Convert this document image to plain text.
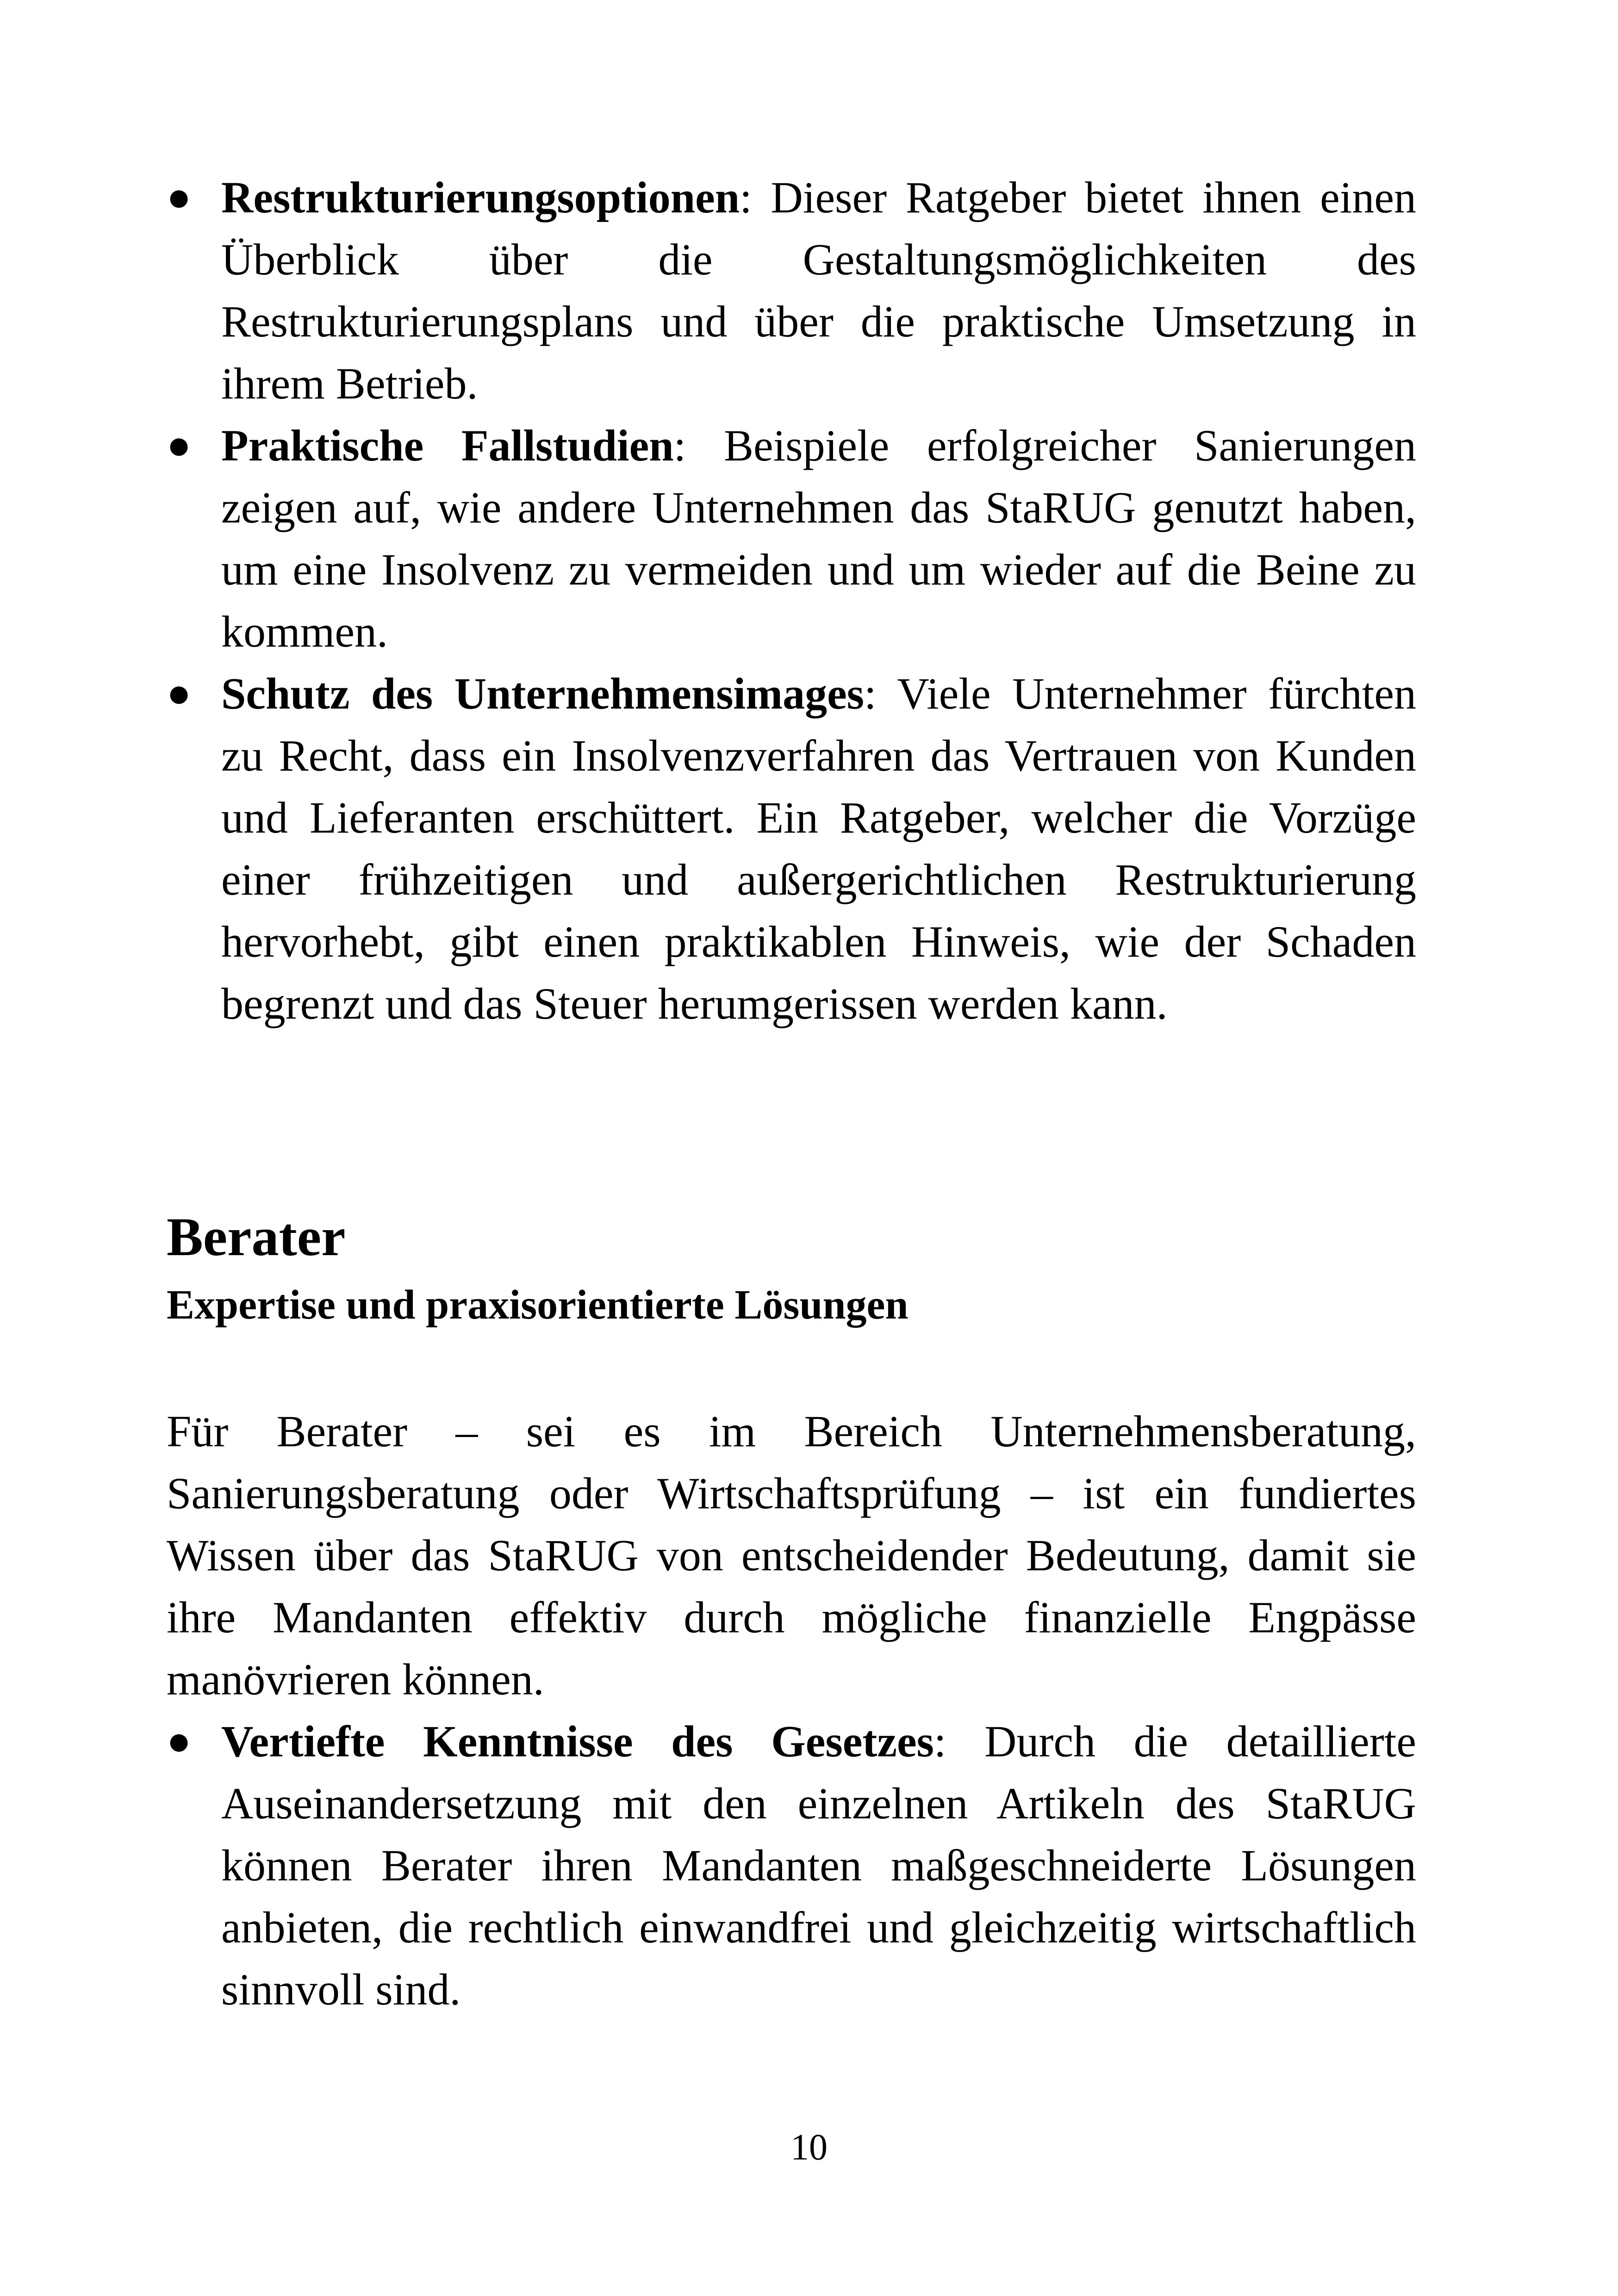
● Restrukturierungsoptionen: Dieser Ratgeber bietet ihnen einen Überblick über die Gestaltungsmöglichkeiten des Restrukturierungsplans und über die praktische Umsetzung in ihrem Betrieb.
● Praktische Fallstudien: Beispiele erfolgreicher Sanierungen zeigen auf, wie andere Unternehmen das StaRUG genutzt haben, um eine Insolvenz zu vermeiden und um wieder auf die Beine zu kommen.
● Schutz des Unternehmensimages: Viele Unternehmer fürchten zu Recht, dass ein Insolvenzverfahren das Vertrauen von Kunden und Lieferanten erschüttert. Ein Ratgeber, welcher die Vorzüge einer frühzeitigen und außergerichtlichen Restrukturierung hervorhebt, gibt einen praktikablen Hinweis, wie der Schaden begrenzt und das Steuer herumgerissen werden kann.
Berater
Expertise und praxisorientierte Lösungen

Für Berater – sei es im Bereich Unternehmensberatung, Sanierungsberatung oder Wirtschaftsprüfung – ist ein fundiertes Wissen über das StaRUG von entscheidender Bedeutung, damit sie ihre Mandanten effektiv durch mögliche finanzielle Engpässe manövrieren können.

● Vertiefte Kenntnisse des Gesetzes: Durch die detaillierte Auseinandersetzung mit den einzelnen Artikeln des StaRUG können Berater ihren Mandanten maßgeschneiderte Lösungen anbieten, die rechtlich einwandfrei und gleichzeitig wirtschaftlich sinnvoll sind.
10
